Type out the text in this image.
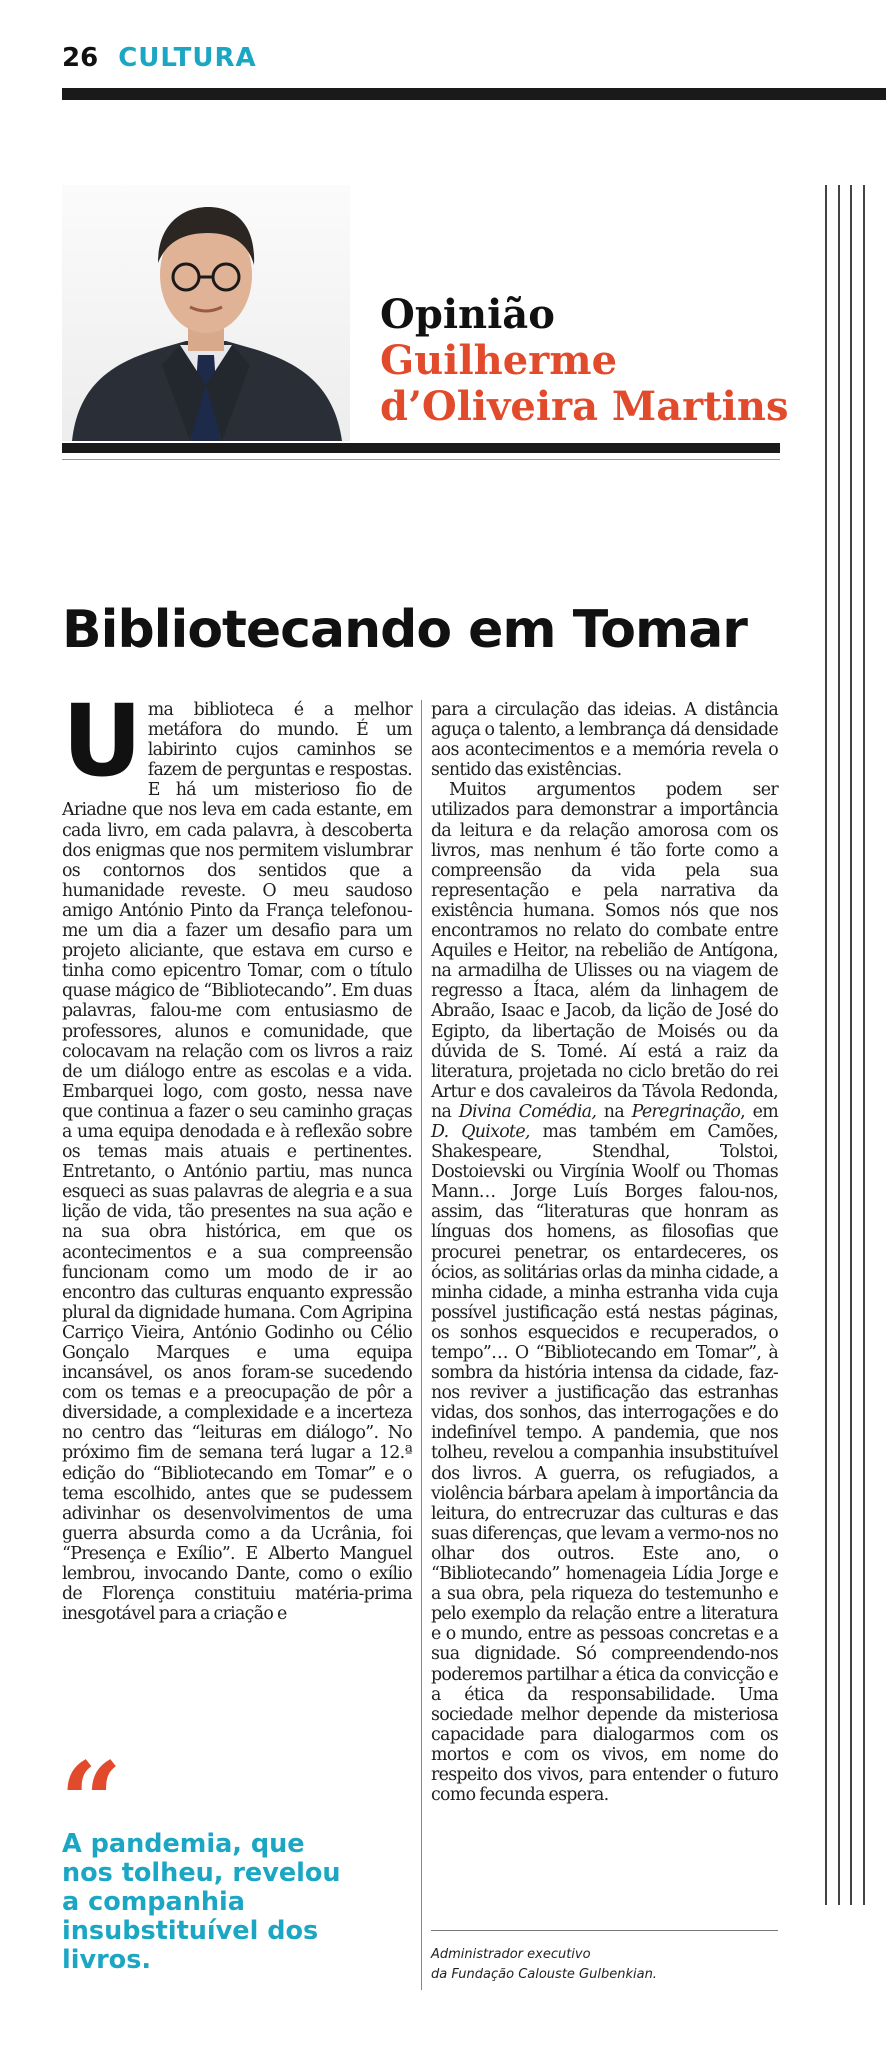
26 CULTURA
Opinião
Guilherme
d’Oliveira Martins
Bibliotecando em Tomar

Uma biblioteca é a melhor metáfora do mundo. É um labirinto cujos caminhos se fazem de perguntas e respostas. E há um misterioso fio de Ariadne que nos leva em cada estante, em cada livro, em cada palavra, à descoberta dos enigmas que nos permitem vislumbrar os contornos dos sentidos que a humanidade reveste. O meu saudoso amigo António Pinto da França telefonou-me um dia a fazer um desafio para um projeto aliciante, que estava em curso e tinha como epicentro Tomar, com o título quase mágico de “Bibliotecando”. Em duas palavras, falou-me com entusiasmo de professores, alunos e comunidade, que colocavam na relação com os livros a raiz de um diálogo entre as escolas e a vida. Embarquei logo, com gosto, nessa nave que continua a fazer o seu caminho graças a uma equipa denodada e à reflexão sobre os temas mais atuais e pertinentes. Entretanto, o António partiu, mas nunca esqueci as suas palavras de alegria e a sua lição de vida, tão presentes na sua ação e na sua obra histórica, em que os acontecimentos e a sua compreensão funcionam como um modo de ir ao encontro das culturas enquanto expressão plural da dignidade humana. Com Agripina Carriço Vieira, António Godinho ou Célio Gonçalo Marques e uma equipa incansável, os anos foram-se sucedendo com os temas e a preocupação de pôr a diversidade, a complexidade e a incerteza no centro das “leituras em diálogo”. No próximo fim de semana terá lugar a 12.ª edição do “Bibliotecando em Tomar” e o tema escolhido, antes que se pudessem adivinhar os desenvolvimentos de uma guerra absurda como a da Ucrânia, foi “Presença e Exílio”. E Alberto Manguel lembrou, invocando Dante, como o exílio de Florença constituiu matéria-prima inesgotável para a criação e

para a circulação das ideias. A distância aguça o talento, a lembrança dá densidade aos acontecimentos e a memória revela o sentido das existências.

Muitos argumentos podem ser utilizados para demonstrar a importância da leitura e da relação amorosa com os livros, mas nenhum é tão forte como a compreensão da vida pela sua representação e pela narrativa da existência humana. Somos nós que nos encontramos no relato do combate entre Aquiles e Heitor, na rebelião de Antígona, na armadilha de Ulisses ou na viagem de regresso a Ítaca, além da linhagem de Abraão, Isaac e Jacob, da lição de José do Egipto, da libertação de Moisés ou da dúvida de S. Tomé. Aí está a raiz da literatura, projetada no ciclo bretão do rei Artur e dos cavaleiros da Távola Redonda, na Divina Comédia, na Peregrinação, em D. Quixote, mas também em Camões, Shakespeare, Stendhal, Tolstoi, Dostoievski ou Virgínia Woolf ou Thomas Mann… Jorge Luís Borges falou-nos, assim, das “literaturas que honram as línguas dos homens, as filosofias que procurei penetrar, os entardeceres, os ócios, as solitárias orlas da minha cidade, a minha cidade, a minha estranha vida cuja possível justificação está nestas páginas, os sonhos esquecidos e recuperados, o tempo”… O “Bibliotecando em Tomar”, à sombra da história intensa da cidade, faz-nos reviver a justificação das estranhas vidas, dos sonhos, das interrogações e do indefinível tempo. A pandemia, que nos tolheu, revelou a companhia insubstituível dos livros. A guerra, os refugiados, a violência bárbara apelam à importância da leitura, do entrecruzar das culturas e das suas diferenças, que levam a vermo-nos no olhar dos outros. Este ano, o “Bibliotecando” homenageia Lídia Jorge e a sua obra, pela riqueza do testemunho e pelo exemplo da relação entre a literatura e o mundo, entre as pessoas concretas e a sua dignidade. Só compreendendo-nos poderemos partilhar a ética da convicção e a ética da responsabilidade. Uma sociedade melhor depende da misteriosa capacidade para dialogarmos com os mortos e com os vivos, em nome do respeito dos vivos, para entender o futuro como fecunda espera.

“
A pandemia, que nos tolheu, revelou a companhia insubstituível dos livros.	Administrador executivo
da Fundação Calouste Gulbenkian.
